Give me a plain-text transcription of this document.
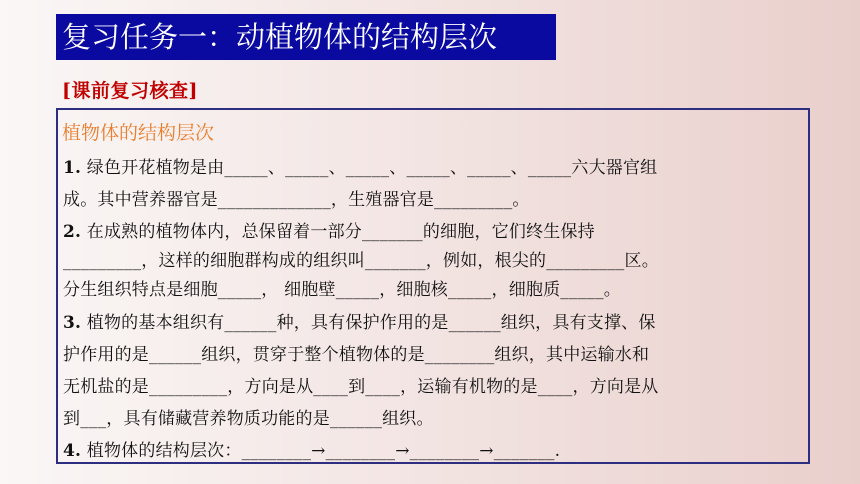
复习任务一：动植物体的结构层次
[课前复习核查]
植物体的结构层次
1. 绿色开花植物是由_____、_____、_____、_____、_____、_____六大器官组
成。其中营养器官是_____________，生殖器官是_________。
2. 在成熟的植物体内，总保留着一部分_______的细胞，它们终生保持
_________，这样的细胞群构成的组织叫_______，例如，根尖的_________区。
分生组织特点是细胞_____， 细胞壁_____，细胞核_____，细胞质_____。
3. 植物的基本组织有______种，具有保护作用的是______组织，具有支撑、保
护作用的是______组织，贯穿于整个植物体的是________组织，其中运输水和
无机盐的是_________，方向是从____到____，运输有机物的是____，方向是从
到___，具有储藏营养物质功能的是______组织。
4. 植物体的结构层次：________→________→________→_______.
